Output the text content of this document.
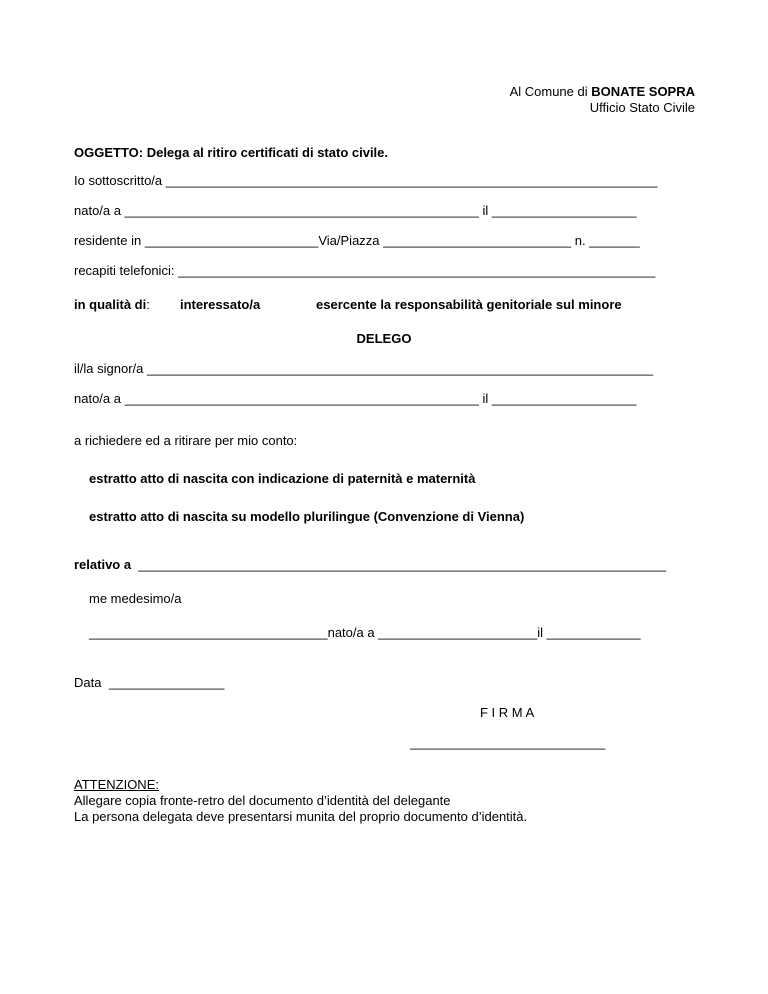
Al Comune di BONATE SOPRA
Ufficio Stato Civile
OGGETTO: Delega al ritiro certificati di stato civile.
Io sottoscritto/a ____________________________________________________________________
nato/a a _________________________________________________ il ____________________
residente in ________________________Via/Piazza __________________________ n. _______
recapiti telefonici: __________________________________________________________________
in qualità di: interessato/a	esercente la responsabilità genitoriale sul minore
DELEGO
il/la signor/a ______________________________________________________________________
nato/a a _________________________________________________ il ____________________
a richiedere ed a ritirare per mio conto:
estratto atto di nascita con indicazione di paternità e maternità
estratto atto di nascita su modello plurilingue (Convenzione di Vienna)
relativo a  _________________________________________________________________________
me medesimo/a
_________________________________nato/a a ______________________il _____________
Data  ________________
F I R M A
___________________________
ATTENZIONE:
Allegare copia fronte-retro del documento d’identità del delegante
La persona delegata deve presentarsi munita del proprio documento d’identità.
